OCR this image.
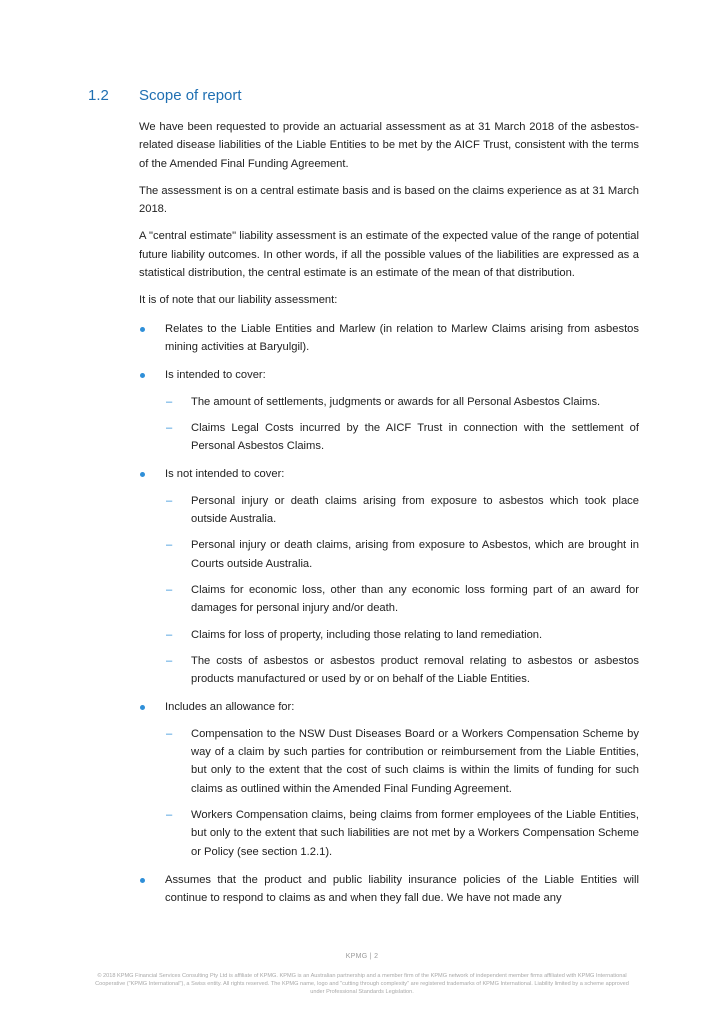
1.2 Scope of report

We have been requested to provide an actuarial assessment as at 31 March 2018 of the asbestos-related disease liabilities of the Liable Entities to be met by the AICF Trust, consistent with the terms of the Amended Final Funding Agreement.

The assessment is on a central estimate basis and is based on the claims experience as at 31 March 2018.

A "central estimate" liability assessment is an estimate of the expected value of the range of potential future liability outcomes. In other words, if all the possible values of the liabilities are expressed as a statistical distribution, the central estimate is an estimate of the mean of that distribution.

It is of note that our liability assessment:

Relates to the Liable Entities and Marlew (in relation to Marlew Claims arising from asbestos mining activities at Baryulgil).
Is intended to cover:
– The amount of settlements, judgments or awards for all Personal Asbestos Claims.
– Claims Legal Costs incurred by the AICF Trust in connection with the settlement of Personal Asbestos Claims.
Is not intended to cover:
– Personal injury or death claims arising from exposure to asbestos which took place outside Australia.
– Personal injury or death claims, arising from exposure to Asbestos, which are brought in Courts outside Australia.
– Claims for economic loss, other than any economic loss forming part of an award for damages for personal injury and/or death.
– Claims for loss of property, including those relating to land remediation.
– The costs of asbestos or asbestos product removal relating to asbestos or asbestos products manufactured or used by or on behalf of the Liable Entities.
Includes an allowance for:
– Compensation to the NSW Dust Diseases Board or a Workers Compensation Scheme by way of a claim by such parties for contribution or reimbursement from the Liable Entities, but only to the extent that the cost of such claims is within the limits of funding for such claims as outlined within the Amended Final Funding Agreement.
– Workers Compensation claims, being claims from former employees of the Liable Entities, but only to the extent that such liabilities are not met by a Workers Compensation Scheme or Policy (see section 1.2.1).
Assumes that the product and public liability insurance policies of the Liable Entities will continue to respond to claims as and when they fall due. We have not made any
KPMG | 2
© 2018 KPMG Financial Services Consulting Pty Ltd is affiliate of KPMG. KPMG is an Australian partnership and a member firm of the KPMG network of independent member firms affiliated with KPMG International Cooperative ("KPMG International"), a Swiss entity. All rights reserved. The KPMG name, logo and "cutting through complexity" are registered trademarks of KPMG International. Liability limited by a scheme approved under Professional Standards Legislation.
